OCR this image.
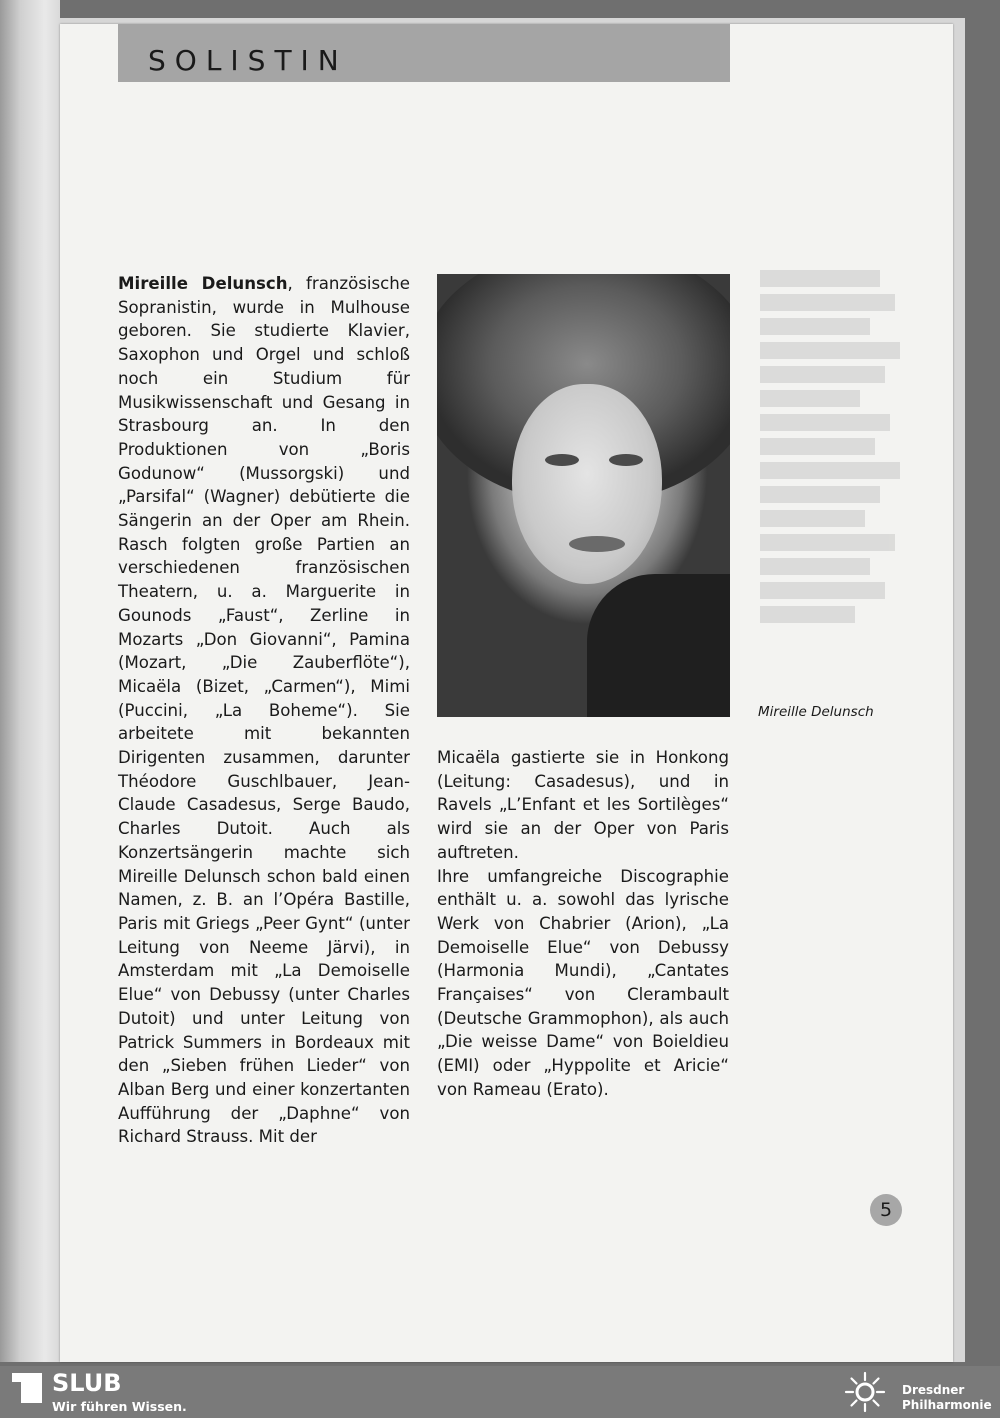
SOLISTIN
Mireille Delunsch, französische Sopranistin, wurde in Mulhouse geboren. Sie studierte Klavier, Saxophon und Orgel und schloß noch ein Studium für Musikwissenschaft und Gesang in Strasbourg an. In den Produktionen von „Boris Godunow“ (Mussorgski) und „Parsifal“ (Wagner) debütierte die Sängerin an der Oper am Rhein. Rasch folgten große Partien an verschiedenen französischen Theatern, u. a. Marguerite in Gounods „Faust“, Zerline in Mozarts „Don Giovanni“, Pamina (Mozart, „Die Zauberflöte“), Micaëla (Bizet, „Carmen“), Mimi (Puccini, „La Boheme“). Sie arbeitete mit bekannten Dirigenten zusammen, darunter Théodore Guschlbauer, Jean-Claude Casadesus, Serge Baudo, Charles Dutoit. Auch als Konzertsängerin machte sich Mireille Delunsch schon bald einen Namen, z. B. an l’Opéra Bastille, Paris mit Griegs „Peer Gynt“ (unter Leitung von Neeme Järvi), in Amsterdam mit „La Demoiselle Elue“ von Debussy (unter Charles Dutoit) und unter Leitung von Patrick Summers in Bordeaux mit den „Sieben frühen Lieder“ von Alban Berg und einer konzertanten Aufführung der „Daphne“ von Richard Strauss. Mit der
Mireille Delunsch
Micaëla gastierte sie in Honkong (Leitung: Casadesus), und in Ravels „L’Enfant et les Sortilèges“ wird sie an der Oper von Paris auftreten.
Ihre umfangreiche Discographie enthält u. a. sowohl das lyrische Werk von Chabrier (Arion), „La Demoiselle Elue“ von Debussy (Harmonia Mundi), „Cantates Françaises“ von Clerambault (Deutsche Grammophon), als auch „Die weisse Dame“ von Boieldieu (EMI) oder „Hyppolite et Aricie“ von Rameau (Erato).
5
SLUB
Wir führen Wissen.
Dresdner
Philharmonie
